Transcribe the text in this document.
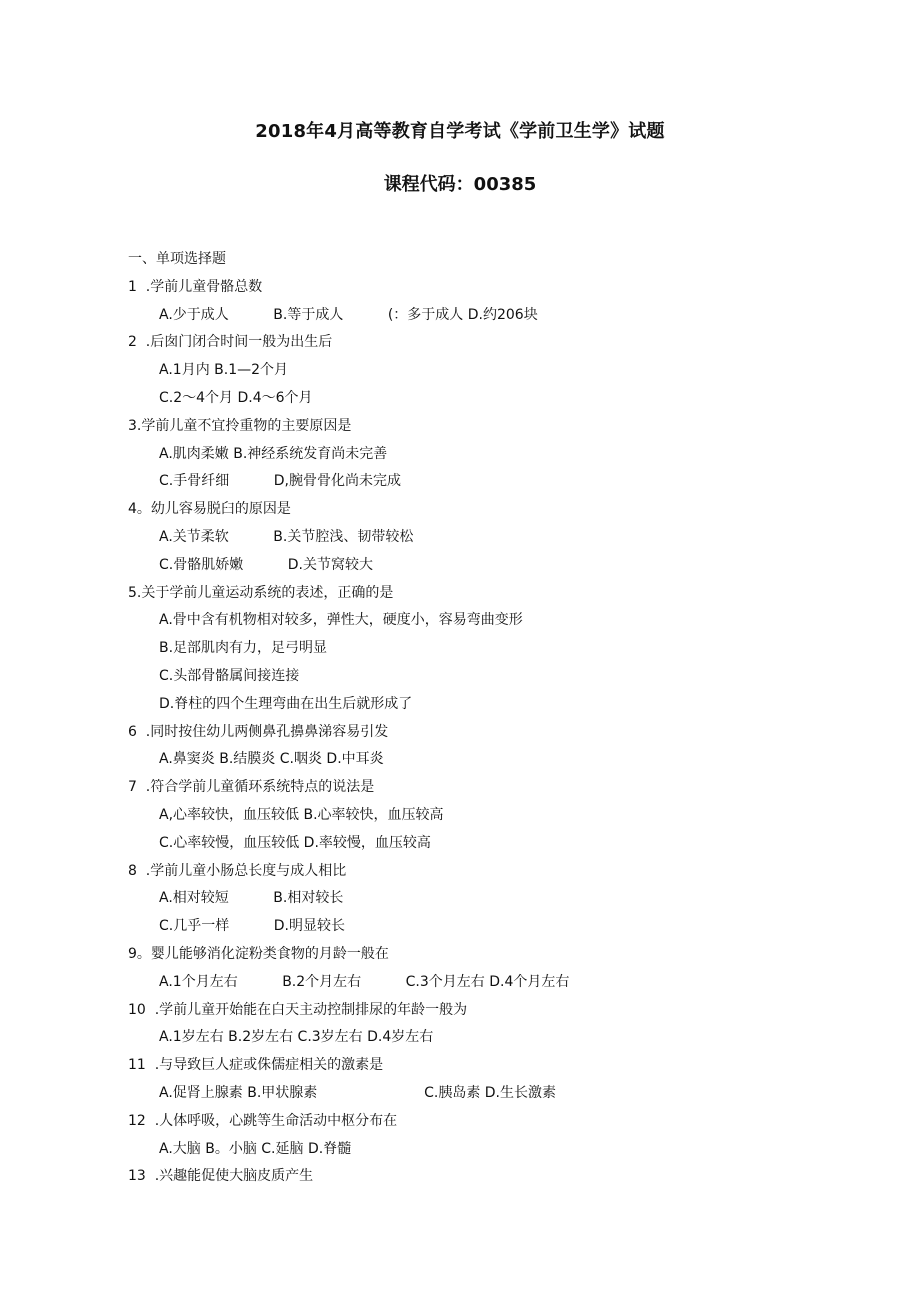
2018年4月高等教育自学考试《学前卫生学》试题
课程代码：00385
一、单项选择题
1  .学前儿童骨骼总数
A.少于成人          B.等于成人          (：多于成人 D.约206块
2  .后囱门闭合时间一般为出生后
A.1月内 B.1—2个月
C.2～4个月 D.4～6个月
3.学前儿童不宜拎重物的主要原因是
A.肌肉柔嫩 B.神经系统发育尚未完善
C.手骨纤细          D,腕骨骨化尚未完成
4。幼儿容易脱臼的原因是
A.关节柔软          B.关节腔浅、韧带较松
C.骨骼肌娇嫩          D.关节窝较大
5.关于学前儿童运动系统的表述，正确的是
A.骨中含有机物相对较多，弹性大，硬度小，容易弯曲变形
B.足部肌肉有力，足弓明显
C.头部骨骼属间接连接
D.脊柱的四个生理弯曲在出生后就形成了
6  .同时按住幼儿两侧鼻孔擤鼻涕容易引发
A.鼻窦炎 B.结膜炎 C.咽炎 D.中耳炎
7  .符合学前儿童循环系统特点的说法是
A,心率较快，血压较低 B.心率较快，血压较高
C.心率较慢，血压较低 D.率较慢，血压较高
8  .学前儿童小肠总长度与成人相比
A.相对较短          B.相对较长
C.几乎一样          D.明显较长
9。婴儿能够消化淀粉类食物的月龄一般在
A.1个月左右          B.2个月左右          C.3个月左右 D.4个月左右
10  .学前儿童开始能在白天主动控制排尿的年龄一般为
A.1岁左右 B.2岁左右 C.3岁左右 D.4岁左右
11  .与导致巨人症或侏儒症相关的激素是
A.促肾上腺素 B.甲状腺素                        C.胰岛素 D.生长激素
12  .人体呼吸，心跳等生命活动中枢分布在
A.大脑 B。小脑 C.延脑 D.脊髓
13  .兴趣能促使大脑皮质产生
